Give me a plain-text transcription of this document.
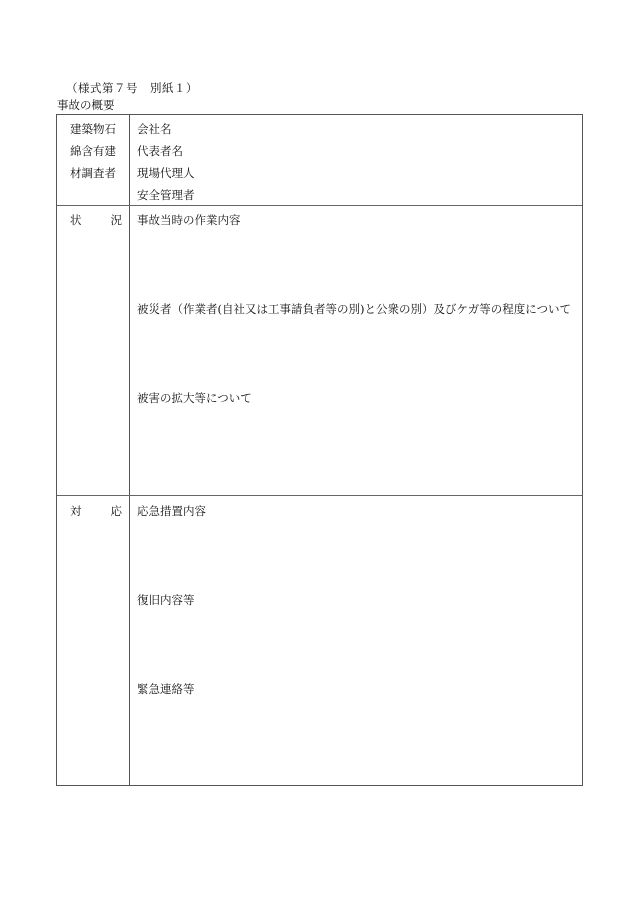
（様式第７号　別紙１）
事故の概要
建築物石
綿含有建
材調査者
会社名
代表者名
現場代理人
安全管理者
状	況 事故当時の作業内容
被災者（作業者(自社又は工事請負者等の別)と公衆の別）及びケガ等の程度について
被害の拡大等について
対	応 応急措置内容
復旧内容等
緊急連絡等
